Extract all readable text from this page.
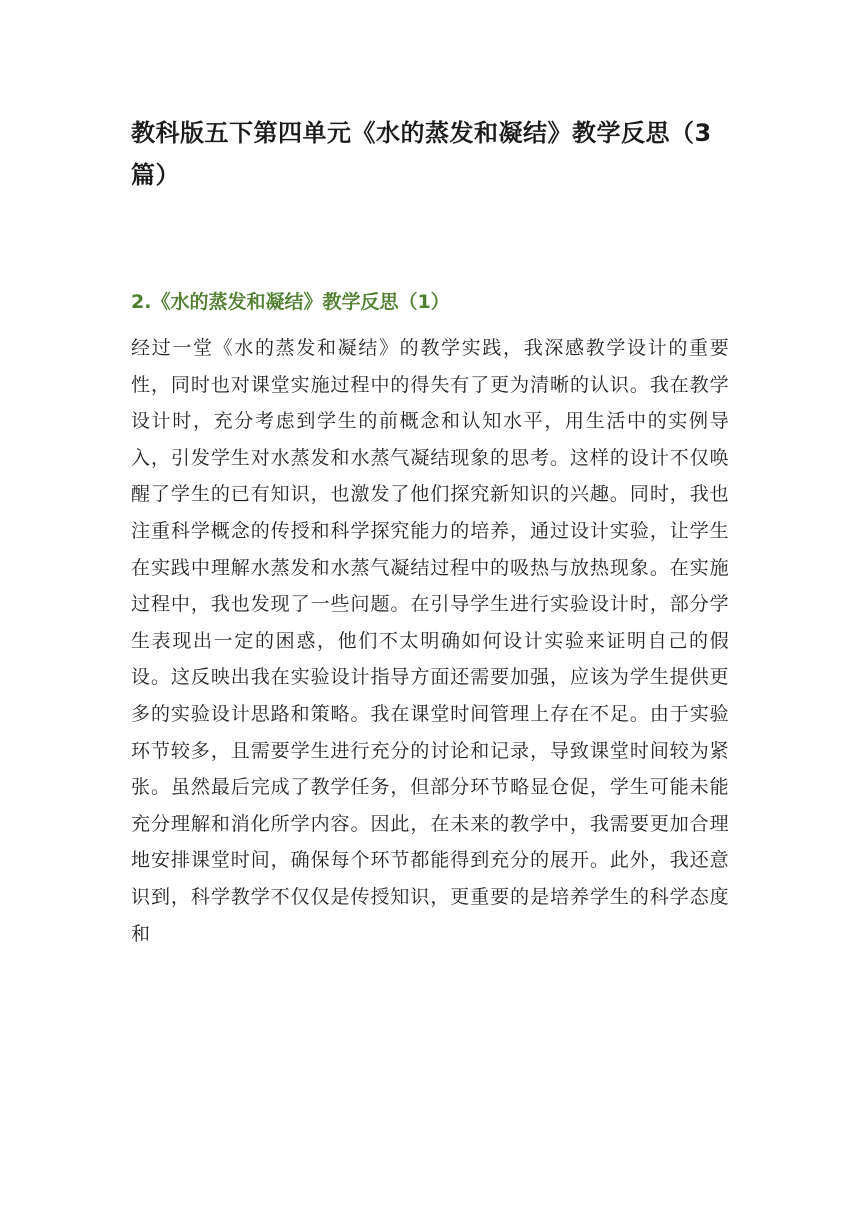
教科版五下第四单元《水的蒸发和凝结》教学反思（3篇）
2.《水的蒸发和凝结》教学反思（1）

经过一堂《水的蒸发和凝结》的教学实践，我深感教学设计的重要性，同时也对课堂实施过程中的得失有了更为清晰的认识。我在教学设计时，充分考虑到学生的前概念和认知水平，用生活中的实例导入，引发学生对水蒸发和水蒸气凝结现象的思考。这样的设计不仅唤醒了学生的已有知识，也激发了他们探究新知识的兴趣。同时，我也注重科学概念的传授和科学探究能力的培养，通过设计实验，让学生在实践中理解水蒸发和水蒸气凝结过程中的吸热与放热现象。在实施过程中，我也发现了一些问题。在引导学生进行实验设计时，部分学生表现出一定的困惑，他们不太明确如何设计实验来证明自己的假设。这反映出我在实验设计指导方面还需要加强，应该为学生提供更多的实验设计思路和策略。我在课堂时间管理上存在不足。由于实验环节较多，且需要学生进行充分的讨论和记录，导致课堂时间较为紧张。虽然最后完成了教学任务，但部分环节略显仓促，学生可能未能充分理解和消化所学内容。因此，在未来的教学中，我需要更加合理地安排课堂时间，确保每个环节都能得到充分的展开。此外，我还意识到，科学教学不仅仅是传授知识，更重要的是培养学生的科学态度和
